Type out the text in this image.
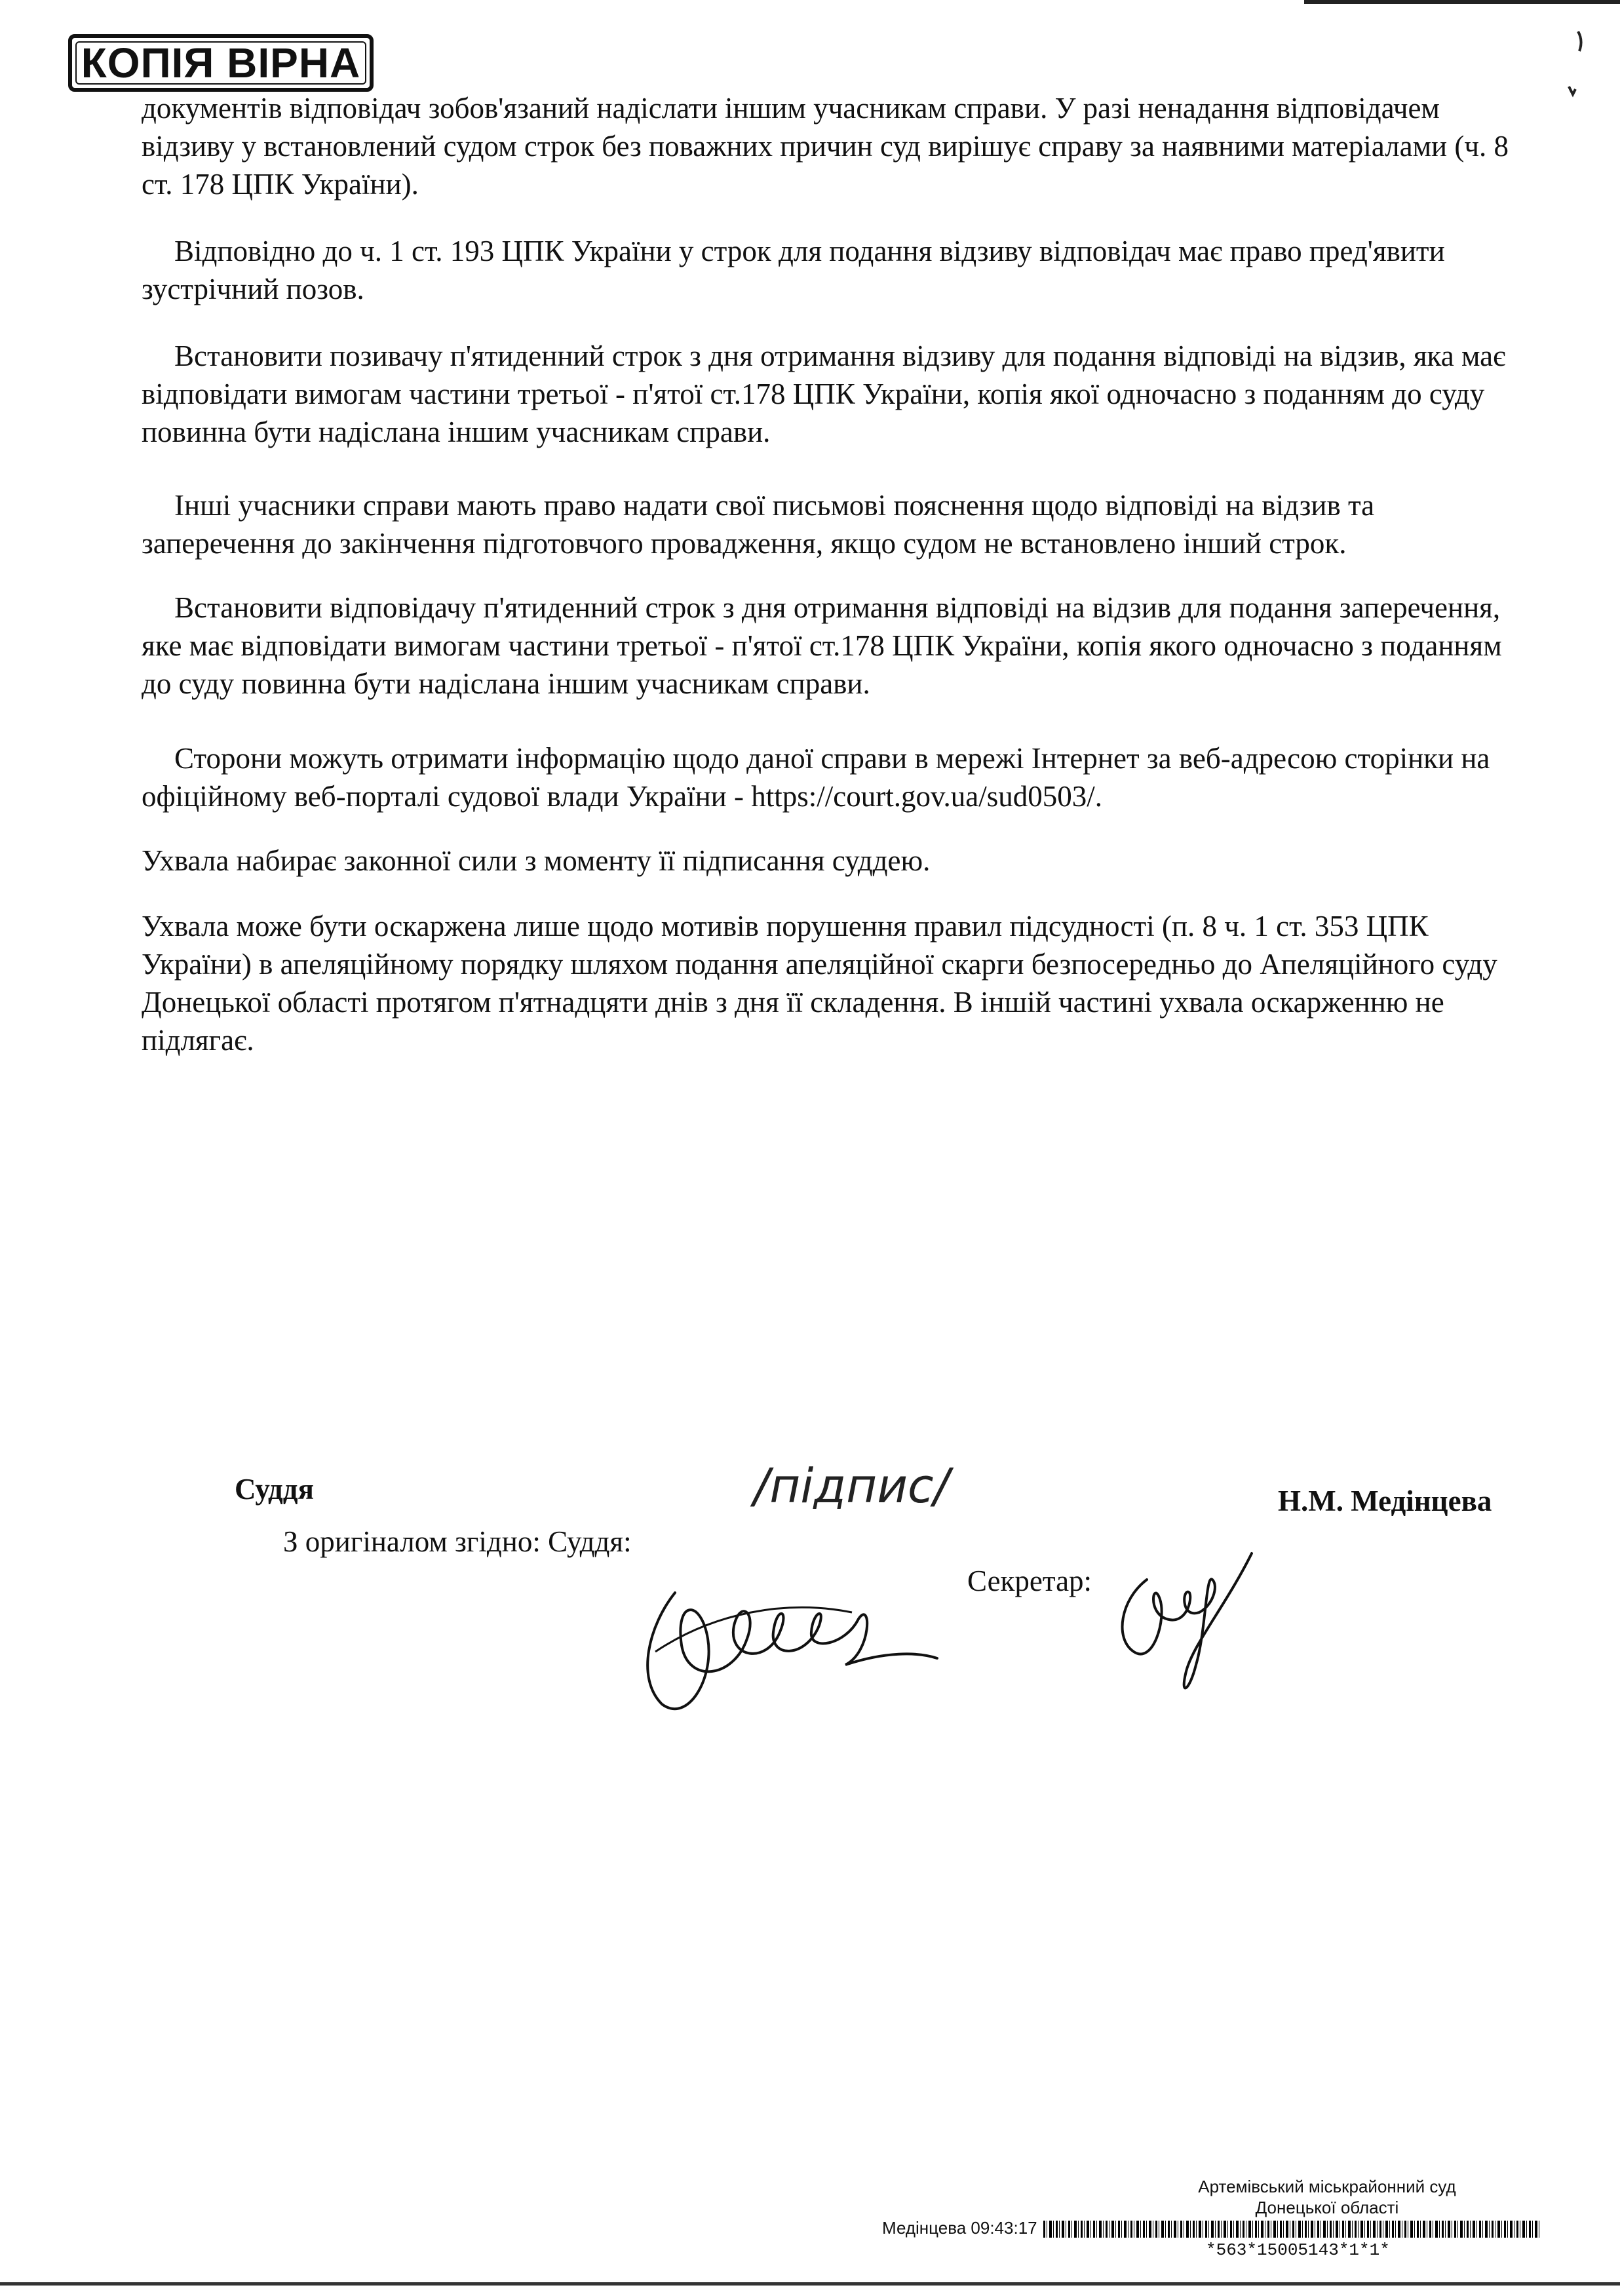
КОПІЯ ВІРНА

документів відповідач зобов'язаний надіслати іншим учасникам справи. У разі ненадання відповідачем відзиву у встановлений судом строк без поважних причин суд вирішує справу за наявними матеріалами (ч. 8 ст. 178 ЦПК України).

Відповідно до ч. 1 ст. 193 ЦПК України у строк для подання відзиву відповідач має право пред'явити зустрічний позов.

Встановити позивачу п'ятиденний строк з дня отримання відзиву для подання відповіді на відзив, яка має відповідати вимогам частини третьої - п'ятої ст.178 ЦПК України, копія якої одночасно з поданням до суду повинна бути надіслана іншим учасникам справи.

Інші учасники справи мають право надати свої письмові пояснення щодо відповіді на відзив та заперечення до закінчення підготовчого провадження, якщо судом не встановлено інший строк.

Встановити відповідачу п'ятиденний строк з дня отримання відповіді на відзив для подання заперечення, яке має відповідати вимогам частини третьої - п'ятої ст.178 ЦПК України, копія якого одночасно з поданням до суду повинна бути надіслана іншим учасникам справи.

Сторони можуть отримати інформацію щодо даної справи в мережі Інтернет за веб-адресою сторінки на офіційному веб-порталі судової влади України - https://court.gov.ua/sud0503/.

Ухвала набирає законної сили з моменту її підписання суддею.

Ухвала може бути оскаржена лише щодо мотивів порушення правил підсудності (п. 8 ч. 1 ст. 353 ЦПК України) в апеляційному порядку шляхом подання апеляційної скарги безпосередньо до Апеляційного суду Донецької області протягом п'ятнадцяти днів з дня її складення. В іншій частині ухвала оскарженню не підлягає.

Суддя	/підпис/	Н.М. Медінцева
З оригіналом згідно: Суддя:
Секретар:
Артемівський міськрайонний суд
Донецької області
Медінцева 09:43:17
*563*15005143*1*1*
